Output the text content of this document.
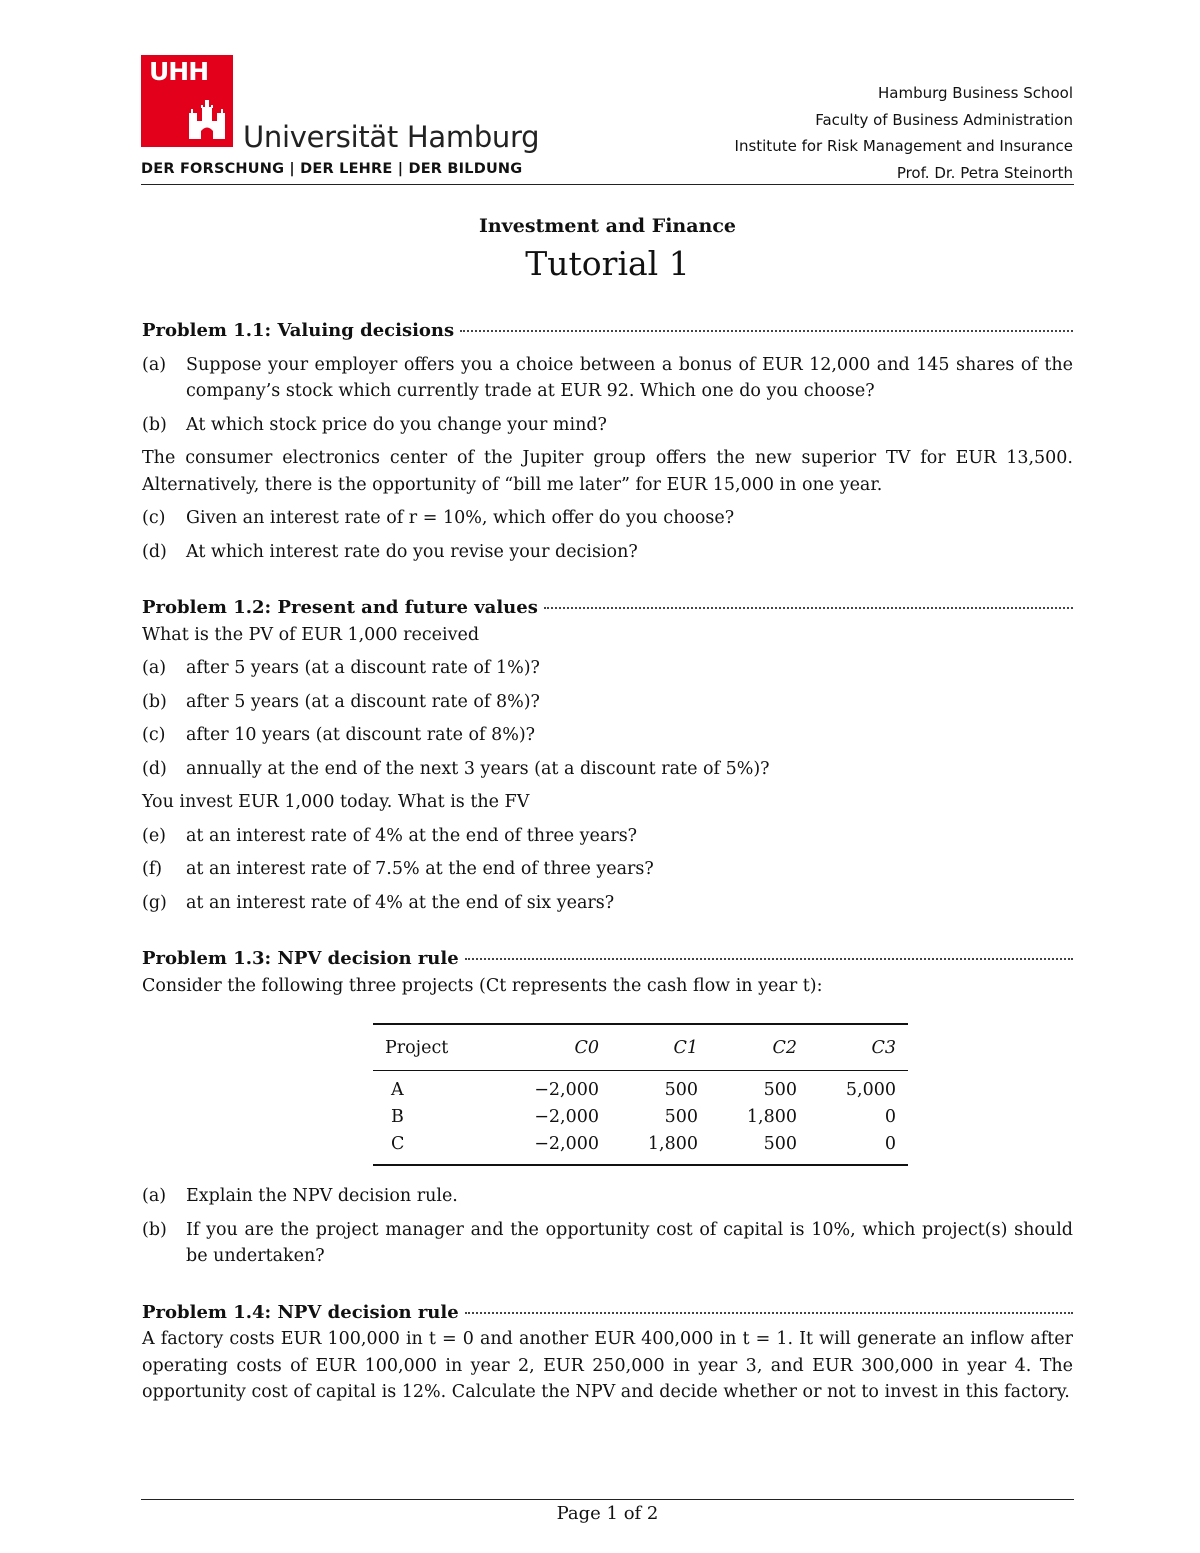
UHH
Universität Hamburg
DER FORSCHUNG | DER LEHRE | DER BILDUNG
Hamburg Business School
Faculty of Business Administration
Institute for Risk Management and Insurance
Prof. Dr. Petra Steinorth
Investment and Finance
Tutorial 1
Problem 1.1: Valuing decisions
(a)	Suppose your employer offers you a choice between a bonus of EUR 12,000 and 145 shares of the company’s stock which currently trade at EUR 92. Which one do you choose?
(b)	At which stock price do you change your mind?
The consumer electronics center of the Jupiter group offers the new superior TV for EUR 13,500. Alternatively, there is the opportunity of “bill me later” for EUR 15,000 in one year.
(c)	Given an interest rate of r = 10%, which offer do you choose?
(d)	At which interest rate do you revise your decision?
Problem 1.2: Present and future values
What is the PV of EUR 1,000 received
(a)	after 5 years (at a discount rate of 1%)?
(b)	after 5 years (at a discount rate of 8%)?
(c)	after 10 years (at discount rate of 8%)?
(d)	annually at the end of the next 3 years (at a discount rate of 5%)?
You invest EUR 1,000 today. What is the FV
(e)	at an interest rate of 4% at the end of three years?
(f)	at an interest rate of 7.5% at the end of three years?
(g)	at an interest rate of 4% at the end of six years?
Problem 1.3: NPV decision rule
Consider the following three projects (Ct represents the cash flow in year t):
Project	C0	C1	C2	C3
A	−2,000	500	500	5,000
B	−2,000	500	1,800	0
C	−2,000	1,800	500	0
(a)	Explain the NPV decision rule.
(b)	If you are the project manager and the opportunity cost of capital is 10%, which project(s) should be undertaken?
Problem 1.4: NPV decision rule
A factory costs EUR 100,000 in t = 0 and another EUR 400,000 in t = 1. It will generate an inflow after operating costs of EUR 100,000 in year 2, EUR 250,000 in year 3, and EUR 300,000 in year 4. The opportunity cost of capital is 12%. Calculate the NPV and decide whether or not to invest in this factory.
Page 1 of 2
